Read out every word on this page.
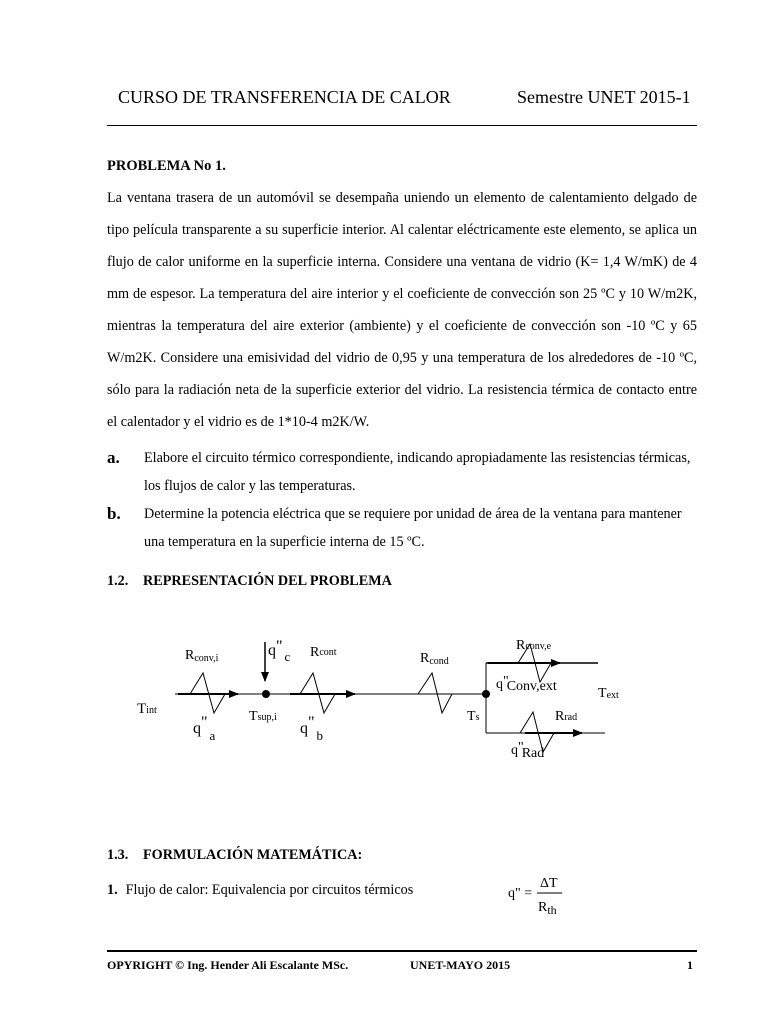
CURSO DE TRANSFERENCIA DE CALOR	Semestre UNET 2015-1
PROBLEMA No 1.
La ventana trasera de un automóvil se desempaña uniendo un elemento de calentamiento delgado de tipo película transparente a su superficie interior. Al calentar eléctricamente este elemento, se aplica un flujo de calor uniforme en la superficie interna. Considere una ventana de vidrio (K= 1,4 W/mK) de 4 mm de espesor. La temperatura del aire interior y el coeficiente de convección son 25 ºC y 10 W/m2K, mientras la temperatura del aire exterior (ambiente) y el coeficiente de convección son -10 ºC y 65 W/m2K. Considere una emisividad del vidrio de 0,95 y una temperatura de los alrededores de -10 ºC, sólo para la radiación neta de la superficie exterior del vidrio. La resistencia térmica de contacto entre el calentador y el vidrio es de 1*10-4 m2K/W.
a. Elabore el circuito térmico correspondiente, indicando apropiadamente las resistencias térmicas, los flujos de calor y las temperaturas.
b. Determine la potencia eléctrica que se requiere por unidad de área de la ventana para mantener una temperatura en la superficie interna de 15 ºC.
1.2. REPRESENTACIÓN DEL PROBLEMA
Rconv,i	$q"_c$ Rcont	Rcond
Rconv,e
q"Conv,ext	Text
Tint	Tsup,i	Ts	Rrad
$q"_a$	$q"_b$
q"Rad
q" =
ΔT
Rth
1.3. FORMULACIÓN MATEMÁTICA:
1. Flujo de calor: Equivalencia por circuitos térmicos
OPYRIGHT © Ing. Hender Ali Escalante MSc.	UNET-MAYO 2015	1
